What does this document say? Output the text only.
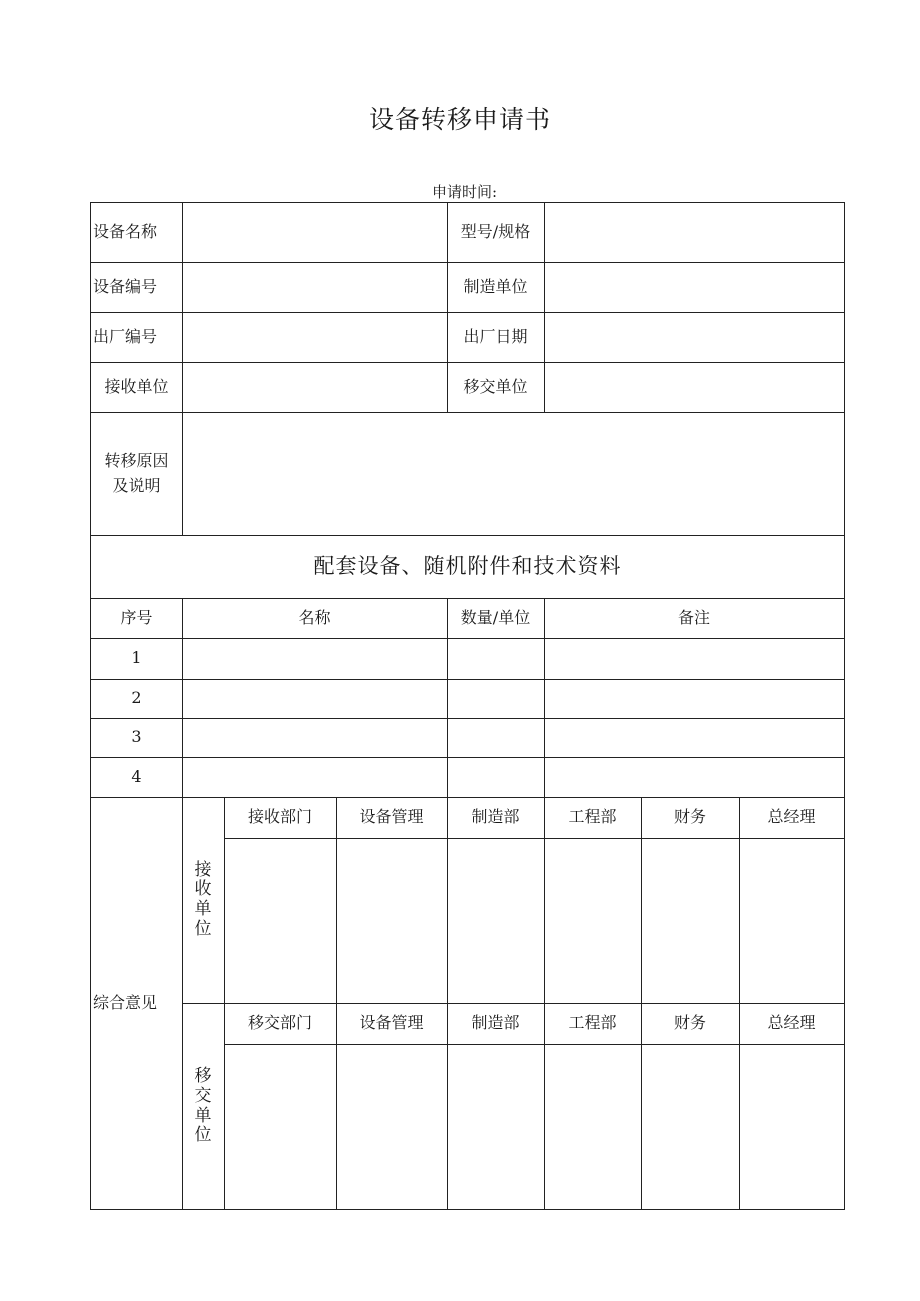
设备转移申请书
申请时间:
设备名称	型号/规格
设备编号	制造单位
出厂编号	出厂日期
接收单位	移交单位
转移原因及说明
配套设备、随机附件和技术资料
序号	名称	数量/单位	备注
1
2
3
4
综合意见
接收单位
接收部门	设备管理	制造部	工程部	财务	总经理
移交单位
移交部门	设备管理	制造部	工程部	财务	总经理
